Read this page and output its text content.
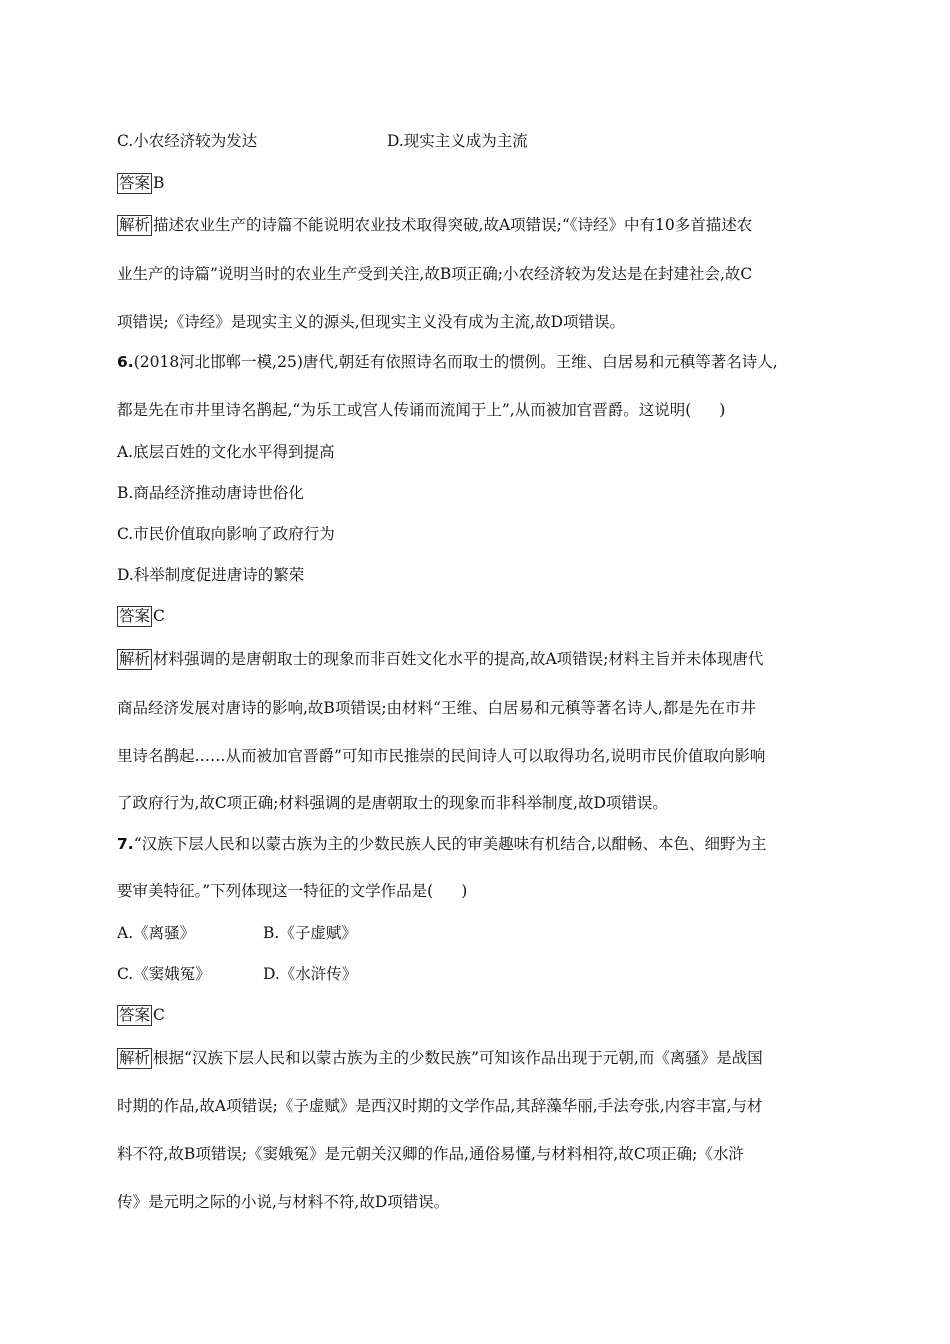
C.小农经济较为发达	D.现实主义成为主流
答案 B
解析 描述农业生产的诗篇不能说明农业技术取得突破,故A项错误;“《诗经》中有10多首描述农
业生产的诗篇”说明当时的农业生产受到关注,故B项正确;小农经济较为发达是在封建社会,故C
项错误;《诗经》是现实主义的源头,但现实主义没有成为主流,故D项错误。
6.(2018河北邯郸一模,25)唐代,朝廷有依照诗名而取士的惯例。王维、白居易和元稹等著名诗人,
都是先在市井里诗名鹊起,“为乐工或宫人传诵而流闻于上”,从而被加官晋爵。这说明( )
A.底层百姓的文化水平得到提高
B.商品经济推动唐诗世俗化
C.市民价值取向影响了政府行为
D.科举制度促进唐诗的繁荣
答案 C
解析 材料强调的是唐朝取士的现象而非百姓文化水平的提高,故A项错误;材料主旨并未体现唐代
商品经济发展对唐诗的影响,故B项错误;由材料“王维、白居易和元稹等著名诗人,都是先在市井
里诗名鹊起……从而被加官晋爵”可知市民推崇的民间诗人可以取得功名,说明市民价值取向影响
了政府行为,故C项正确;材料强调的是唐朝取士的现象而非科举制度,故D项错误。
7.“汉族下层人民和以蒙古族为主的少数民族人民的审美趣味有机结合,以酣畅、本色、细野为主
要审美特征。”下列体现这一特征的文学作品是( )
A.《离骚》	B.《子虚赋》
C.《窦娥冤》	D.《水浒传》
答案 C
解析 根据“汉族下层人民和以蒙古族为主的少数民族”可知该作品出现于元朝,而《离骚》是战国
时期的作品,故A项错误;《子虚赋》是西汉时期的文学作品,其辞藻华丽,手法夸张,内容丰富,与材
料不符,故B项错误;《窦娥冤》是元朝关汉卿的作品,通俗易懂,与材料相符,故C项正确;《水浒
传》是元明之际的小说,与材料不符,故D项错误。
